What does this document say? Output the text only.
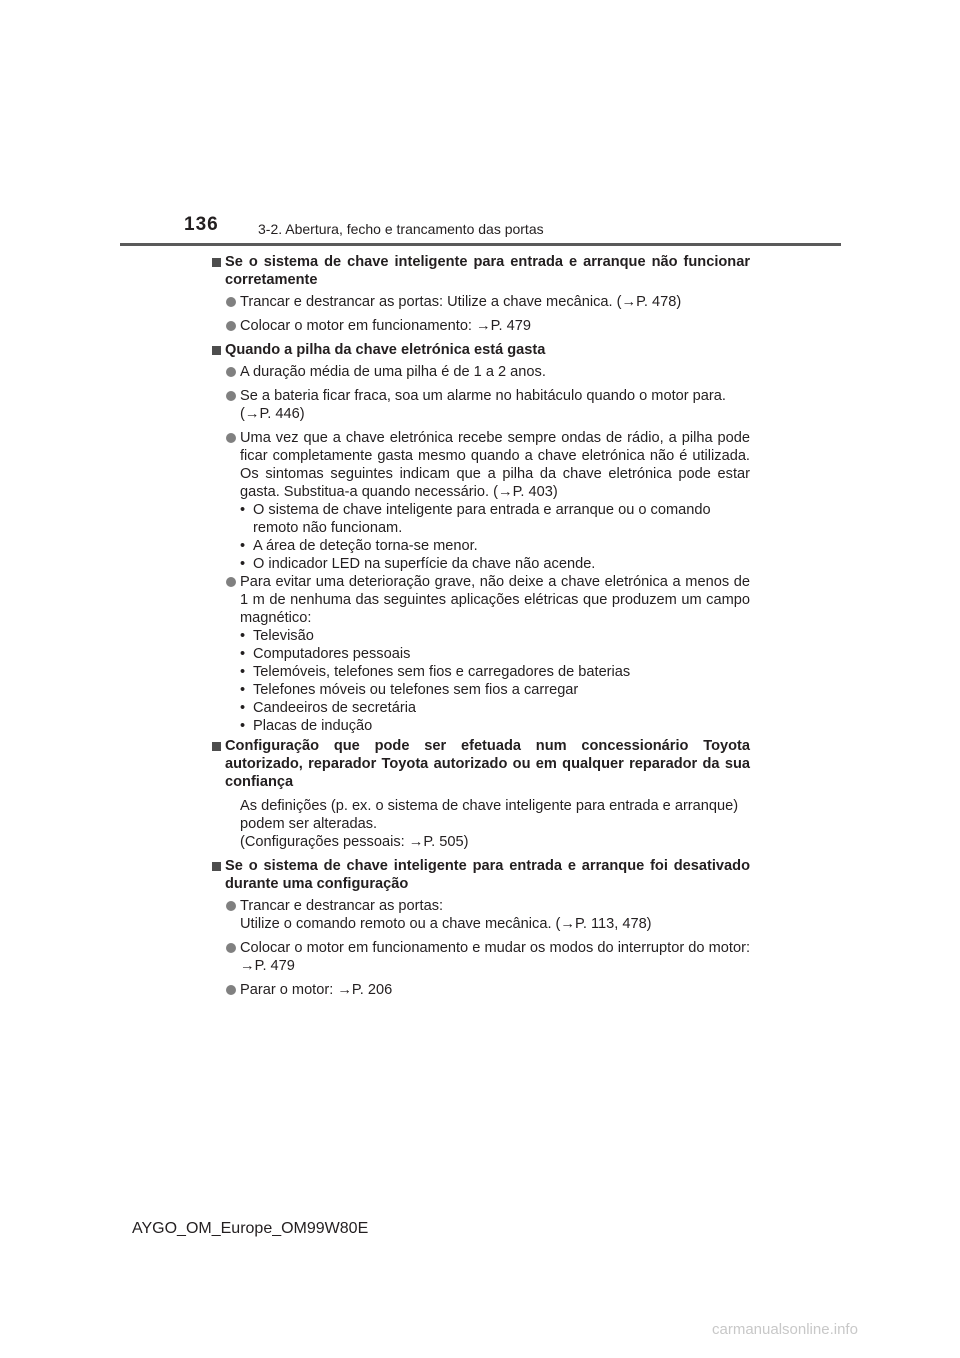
136	3-2. Abertura, fecho e trancamento das portas
Se o sistema de chave inteligente para entrada e arranque não funcionar corretamente
Trancar e destrancar as portas: Utilize a chave mecânica. (→P. 478)
Colocar o motor em funcionamento: →P. 479
Quando a pilha da chave eletrónica está gasta
A duração média de uma pilha é de 1 a 2 anos.
Se a bateria ficar fraca, soa um alarme no habitáculo quando o motor para. (→P. 446)
Uma vez que a chave eletrónica recebe sempre ondas de rádio, a pilha pode ficar completamente gasta mesmo quando a chave eletrónica não é utilizada. Os sintomas seguintes indicam que a pilha da chave eletrónica pode estar gasta. Substitua-a quando necessário. (→P. 403)
• O sistema de chave inteligente para entrada e arranque ou o comando remoto não funcionam.
• A área de deteção torna-se menor.
• O indicador LED na superfície da chave não acende.
Para evitar uma deterioração grave, não deixe a chave eletrónica a menos de 1 m de nenhuma das seguintes aplicações elétricas que produzem um campo magnético:
• Televisão
• Computadores pessoais
• Telemóveis, telefones sem fios e carregadores de baterias
• Telefones móveis ou telefones sem fios a carregar
• Candeeiros de secretária
• Placas de indução
Configuração que pode ser efetuada num concessionário Toyota autorizado, reparador Toyota autorizado ou em qualquer reparador da sua confiança
As definições (p. ex. o sistema de chave inteligente para entrada e arranque) podem ser alteradas.
(Configurações pessoais: →P. 505)
Se o sistema de chave inteligente para entrada e arranque foi desativado durante uma configuração
Trancar e destrancar as portas:
Utilize o comando remoto ou a chave mecânica. (→P. 113, 478)
Colocar o motor em funcionamento e mudar os modos do interruptor do motor: →P. 479
Parar o motor: →P. 206
AYGO_OM_Europe_OM99W80E
carmanualsonline.info
